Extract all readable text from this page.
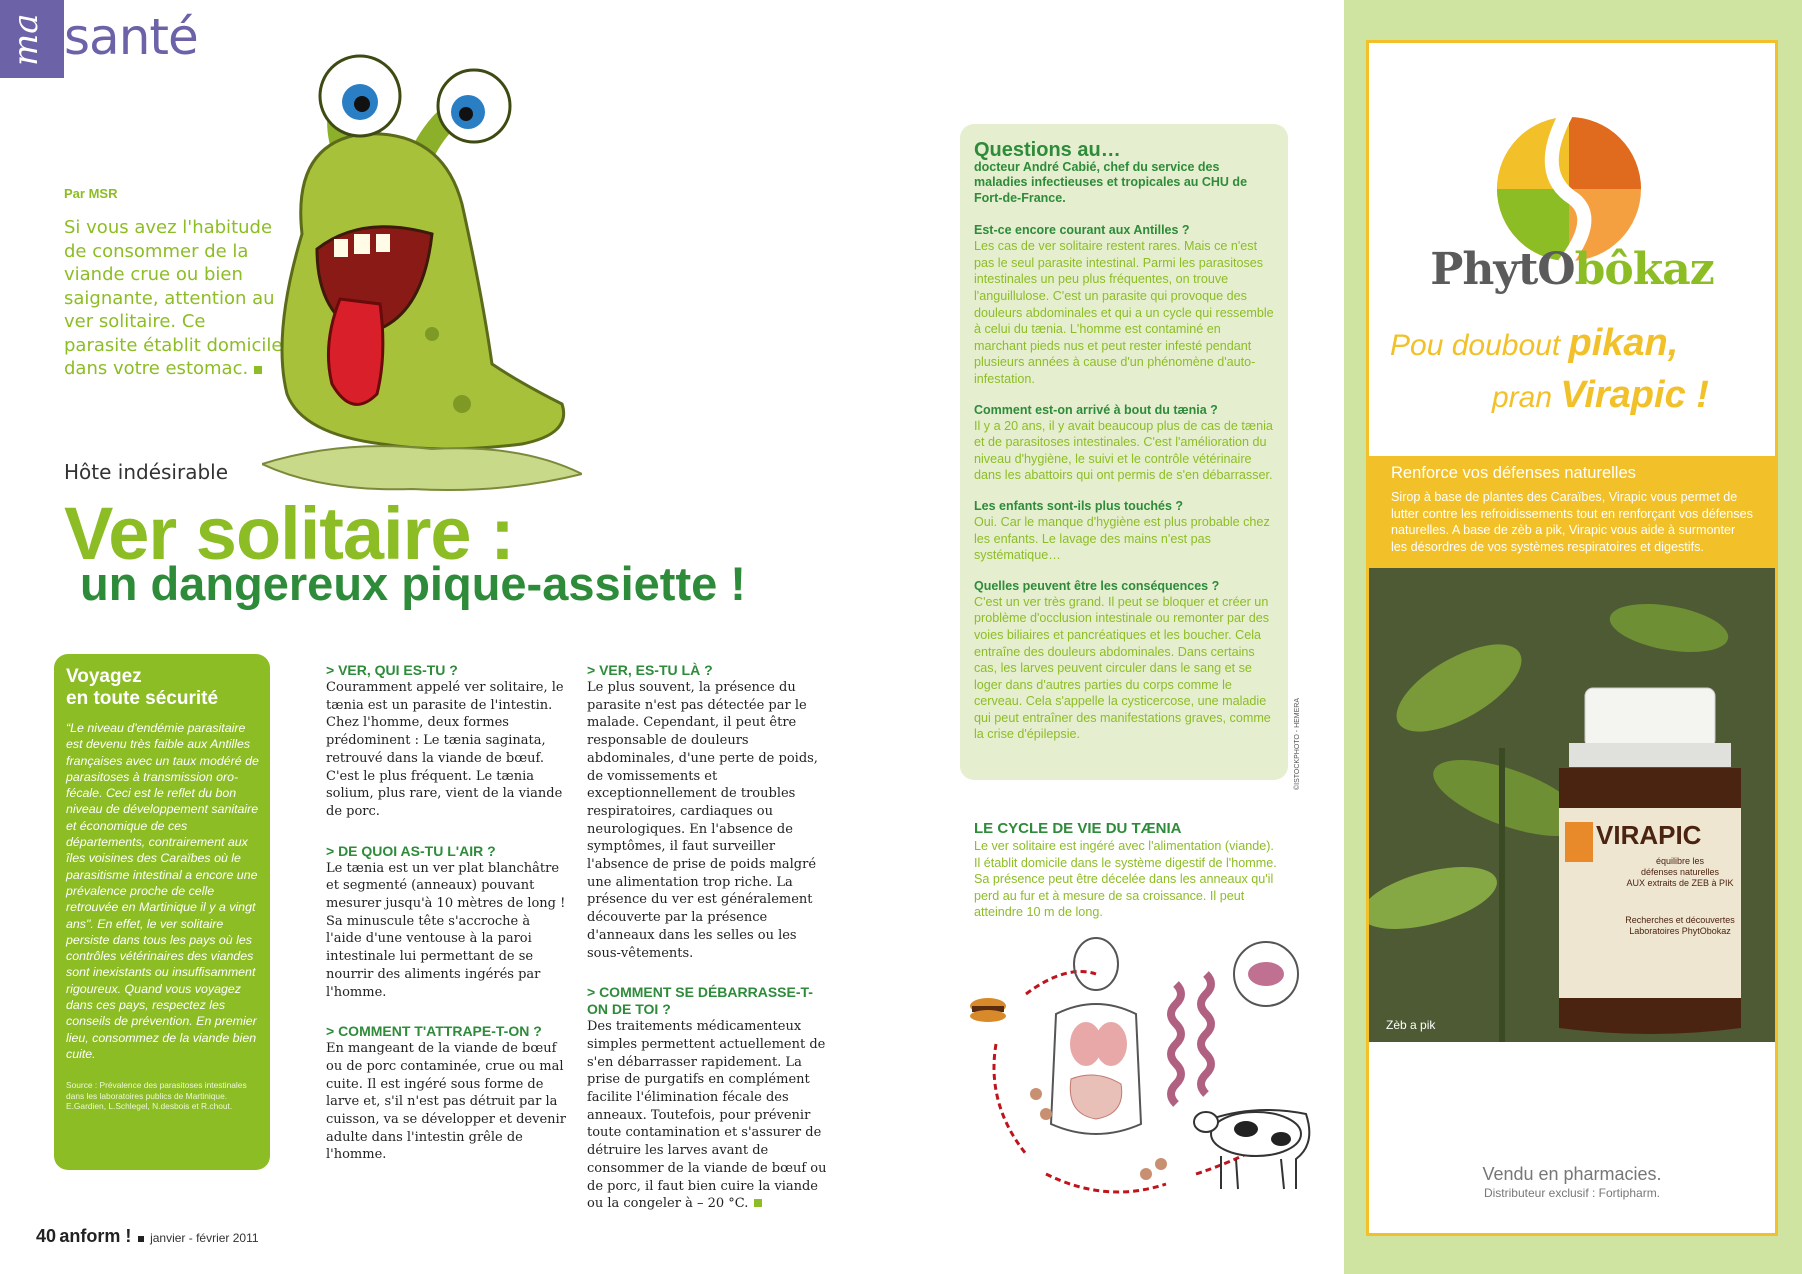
ma santé
Par MSR
Si vous avez l'habitude de consommer de la viande crue ou bien saignante, attention au ver solitaire. Ce parasite établit domicile dans votre estomac.
Hôte indésirable
Ver solitaire :
un dangereux pique-assiette !
Voyagez
en toute sécurité

“Le niveau d'endémie parasitaire est devenu très faible aux Antilles françaises avec un taux modéré de parasitoses à transmission oro-fécale. Ceci est le reflet du bon niveau de développement sanitaire et économique de ces départements, contrairement aux îles voisines des Caraïbes où le parasitisme intestinal a encore une prévalence proche de celle retrouvée en Martinique il y a vingt ans". En effet, le ver solitaire persiste dans tous les pays où les contrôles vétérinaires des viandes sont inexistants ou insuffisamment rigoureux. Quand vous voyagez dans ces pays, respectez les conseils de prévention. En premier lieu, consommez de la viande bien cuite.

Source : Prévalence des parasitoses intestinales dans les laboratoires publics de Martinique. E.Gardien, L.Schlegel, N.desbois et R.chout.

> VER, QUI ES-TU ?

Couramment appelé ver solitaire, le tænia est un parasite de l'intestin. Chez l'homme, deux formes prédominent : Le tænia saginata, retrouvé dans la viande de bœuf. C'est le plus fréquent. Le tænia solium, plus rare, vient de la viande de porc.

> DE QUOI AS-TU L'AIR ?

Le tænia est un ver plat blanchâtre et segmenté (anneaux) pouvant mesurer jusqu'à 10 mètres de long ! Sa minuscule tête s'accroche à l'aide d'une ventouse à la paroi intestinale lui permettant de se nourrir des aliments ingérés par l'homme.

> COMMENT T'ATTRAPE-T-ON ?

En mangeant de la viande de bœuf ou de porc contaminée, crue ou mal cuite. Il est ingéré sous forme de larve et, s'il n'est pas détruit par la cuisson, va se développer et devenir adulte dans l'intestin grêle de l'homme.

> VER, ES-TU LÀ ?

Le plus souvent, la présence du parasite n'est pas détectée par le malade. Cependant, il peut être responsable de douleurs abdominales, d'une perte de poids, de vomissements et exceptionnellement de troubles respiratoires, cardiaques ou neurologiques. En l'absence de symptômes, il faut surveiller l'absence de prise de poids malgré une alimentation trop riche. La présence du ver est généralement découverte par la présence d'anneaux dans les selles ou les sous-vêtements.

> COMMENT SE DÉBARRASSE-T-ON DE TOI ?

Des traitements médicamenteux simples permettent actuellement de s'en débarrasser rapidement. La prise de purgatifs en complément facilite l'élimination fécale des anneaux. Toutefois, pour prévenir toute contamination et s'assurer de détruire les larves avant de consommer de la viande de bœuf ou de porc, il faut bien cuire la viande ou la congeler à – 20 °C.

Questions au…
docteur André Cabié, chef du service des maladies infectieuses et tropicales au CHU de Fort-de-France.
Est-ce encore courant aux Antilles ?

Les cas de ver solitaire restent rares. Mais ce n'est pas le seul parasite intestinal. Parmi les parasitoses intestinales un peu plus fréquentes, on trouve l'anguillulose. C'est un parasite qui provoque des douleurs abdominales et qui a un cycle qui ressemble à celui du tænia. L'homme est contaminé en marchant pieds nus et peut rester infesté pendant plusieurs années à cause d'un phénomène d'auto-infestation.

Comment est-on arrivé à bout du tænia ?

Il y a 20 ans, il y avait beaucoup plus de cas de tænia et de parasitoses intestinales. C'est l'amélioration du niveau d'hygiène, le suivi et le contrôle vétérinaire dans les abattoirs qui ont permis de s'en débarrasser.

Les enfants sont-ils plus touchés ?

Oui. Car le manque d'hygiène est plus probable chez les enfants. Le lavage des mains n'est pas systématique…

Quelles peuvent être les conséquences ?

C'est un ver très grand. Il peut se bloquer et créer un problème d'occlusion intestinale ou remonter par des voies biliaires et pancréatiques et les boucher. Cela entraîne des douleurs abdominales. Dans certains cas, les larves peuvent circuler dans le sang et se loger dans d'autres parties du corps comme le cerveau. Cela s'appelle la cysticercose, une maladie qui peut entraîner des manifestations graves, comme la crise d'épilepsie.	©ISTOCKPHOTO - HEMERA
LE CYCLE DE VIE DU TÆNIA
Le ver solitaire est ingéré avec l'alimentation (viande). Il établit domicile dans le système digestif de l'homme. Sa présence peut être décelée dans les anneaux qu'il perd au fur et à mesure de sa croissance. Il peut atteindre 10 m de long.
40 anform ! janvier - février 2011
PhytObôkaz
Pou doubout pikan,
pran Virapic !
Renforce vos défenses naturelles

Sirop à base de plantes des Caraïbes, Virapic vous permet de lutter contre les refroidissements tout en renforçant vos défenses naturelles. A base de zèb a pik, Virapic vous aide à surmonter les désordres de vos systèmes respiratoires et digestifs.

VIRAPIC
équilibre les
défenses naturelles
AUX extraits de ZEB à PIK
Recherches et découvertes
Laboratoires PhytObokaz
Zèb a pik
Vendu en pharmacies.
Distributeur exclusif : Fortipharm.
